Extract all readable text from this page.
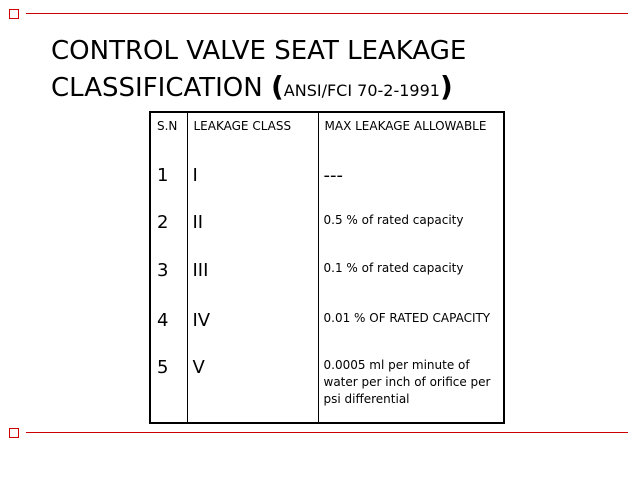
CONTROL VALVE SEAT LEAKAGE
CLASSIFICATION (ANSI/FCI 70-2-1991)
S.N	LEAKAGE CLASS	MAX LEAKAGE ALLOWABLE

1	I	---

2	II	0.5 % of rated capacity

3	III	0.1 % of rated capacity

4	IV	0.01 % OF RATED CAPACITY

5	V	0.0005 ml per minute of water per inch of orifice per psi differential
